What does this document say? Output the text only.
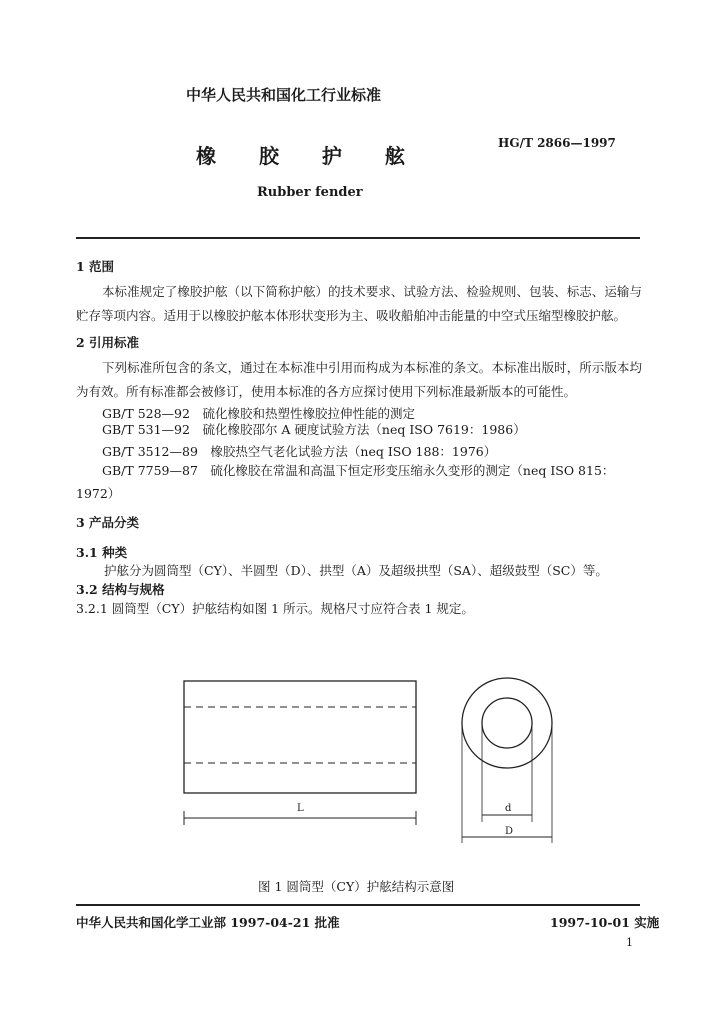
中华人民共和国化工行业标准
橡 胶 护 舷
HG/T 2866—1997
Rubber fender
1 范围
本标准规定了橡胶护舷（以下简称护舷）的技术要求、试验方法、检验规则、包装、标志、运输与贮存等项内容。适用于以橡胶护舷本体形状变形为主、吸收船舶冲击能量的中空式压缩型橡胶护舷。
2 引用标准
下列标准所包含的条文，通过在本标准中引用而构成为本标准的条文。本标准出版时，所示版本均为有效。所有标准都会被修订，使用本标准的各方应探讨使用下列标准最新版本的可能性。
GB/T 528—92　硫化橡胶和热塑性橡胶拉伸性能的测定
GB/T 531—92　硫化橡胶邵尔 A 硬度试验方法（neq ISO 7619：1986）
GB/T 3512—89　橡胶热空气老化试验方法（neq ISO 188：1976）
GB/T 7759—87　硫化橡胶在常温和高温下恒定形变压缩永久变形的测定（neq ISO 815：
1972）
3 产品分类
3.1 种类
护舷分为圆筒型（CY）、半圆型（D）、拱型（A）及超级拱型（SA）、超级鼓型（SC）等。
3.2 结构与规格
3.2.1 圆筒型（CY）护舷结构如图 1 所示。规格尺寸应符合表 1 规定。
L	d
D
图 1 圆筒型（CY）护舷结构示意图
中华人民共和国化学工业部 1997-04-21 批准	1997-10-01 实施
1
